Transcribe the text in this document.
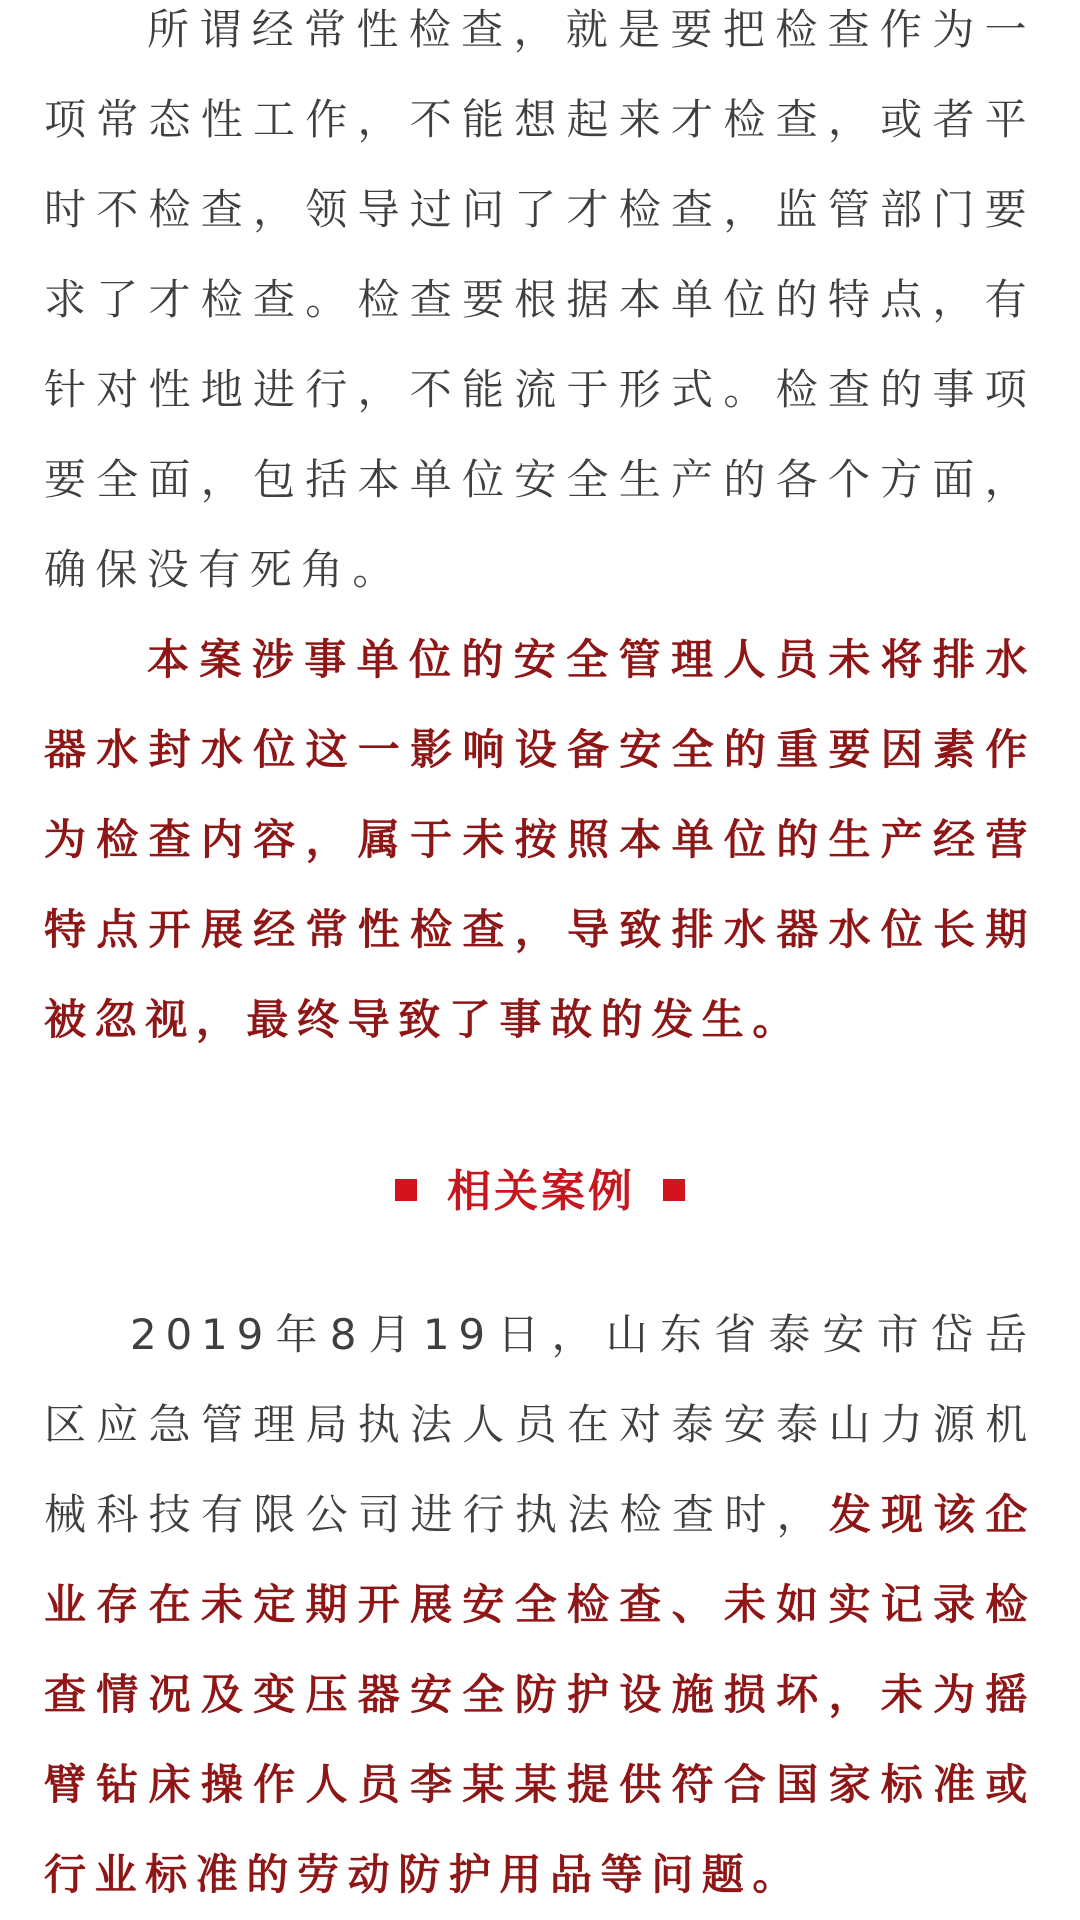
所谓经常性检查，就是要把检查作为一项常态性工作，不能想起来才检查，或者平时不检查，领导过问了才检查，监管部门要求了才检查。检查要根据本单位的特点，有针对性地进行，不能流于形式。检查的事项要全面，包括本单位安全生产的各个方面，确保没有死角。

本案涉事单位的安全管理人员未将排水器水封水位这一影响设备安全的重要因素作为检查内容，属于未按照本单位的生产经营特点开展经常性检查，导致排水器水位长期被忽视，最终导致了事故的发生。

相关案例

2019年8月19日，山东省泰安市岱岳区应急管理局执法人员在对泰安泰山力源机械科技有限公司进行执法检查时，发现该企业存在未定期开展安全检查、未如实记录检查情况及变压器安全防护设施损坏，未为摇臂钻床操作人员李某某提供符合国家标准或行业标准的劳动防护用品等问题。
